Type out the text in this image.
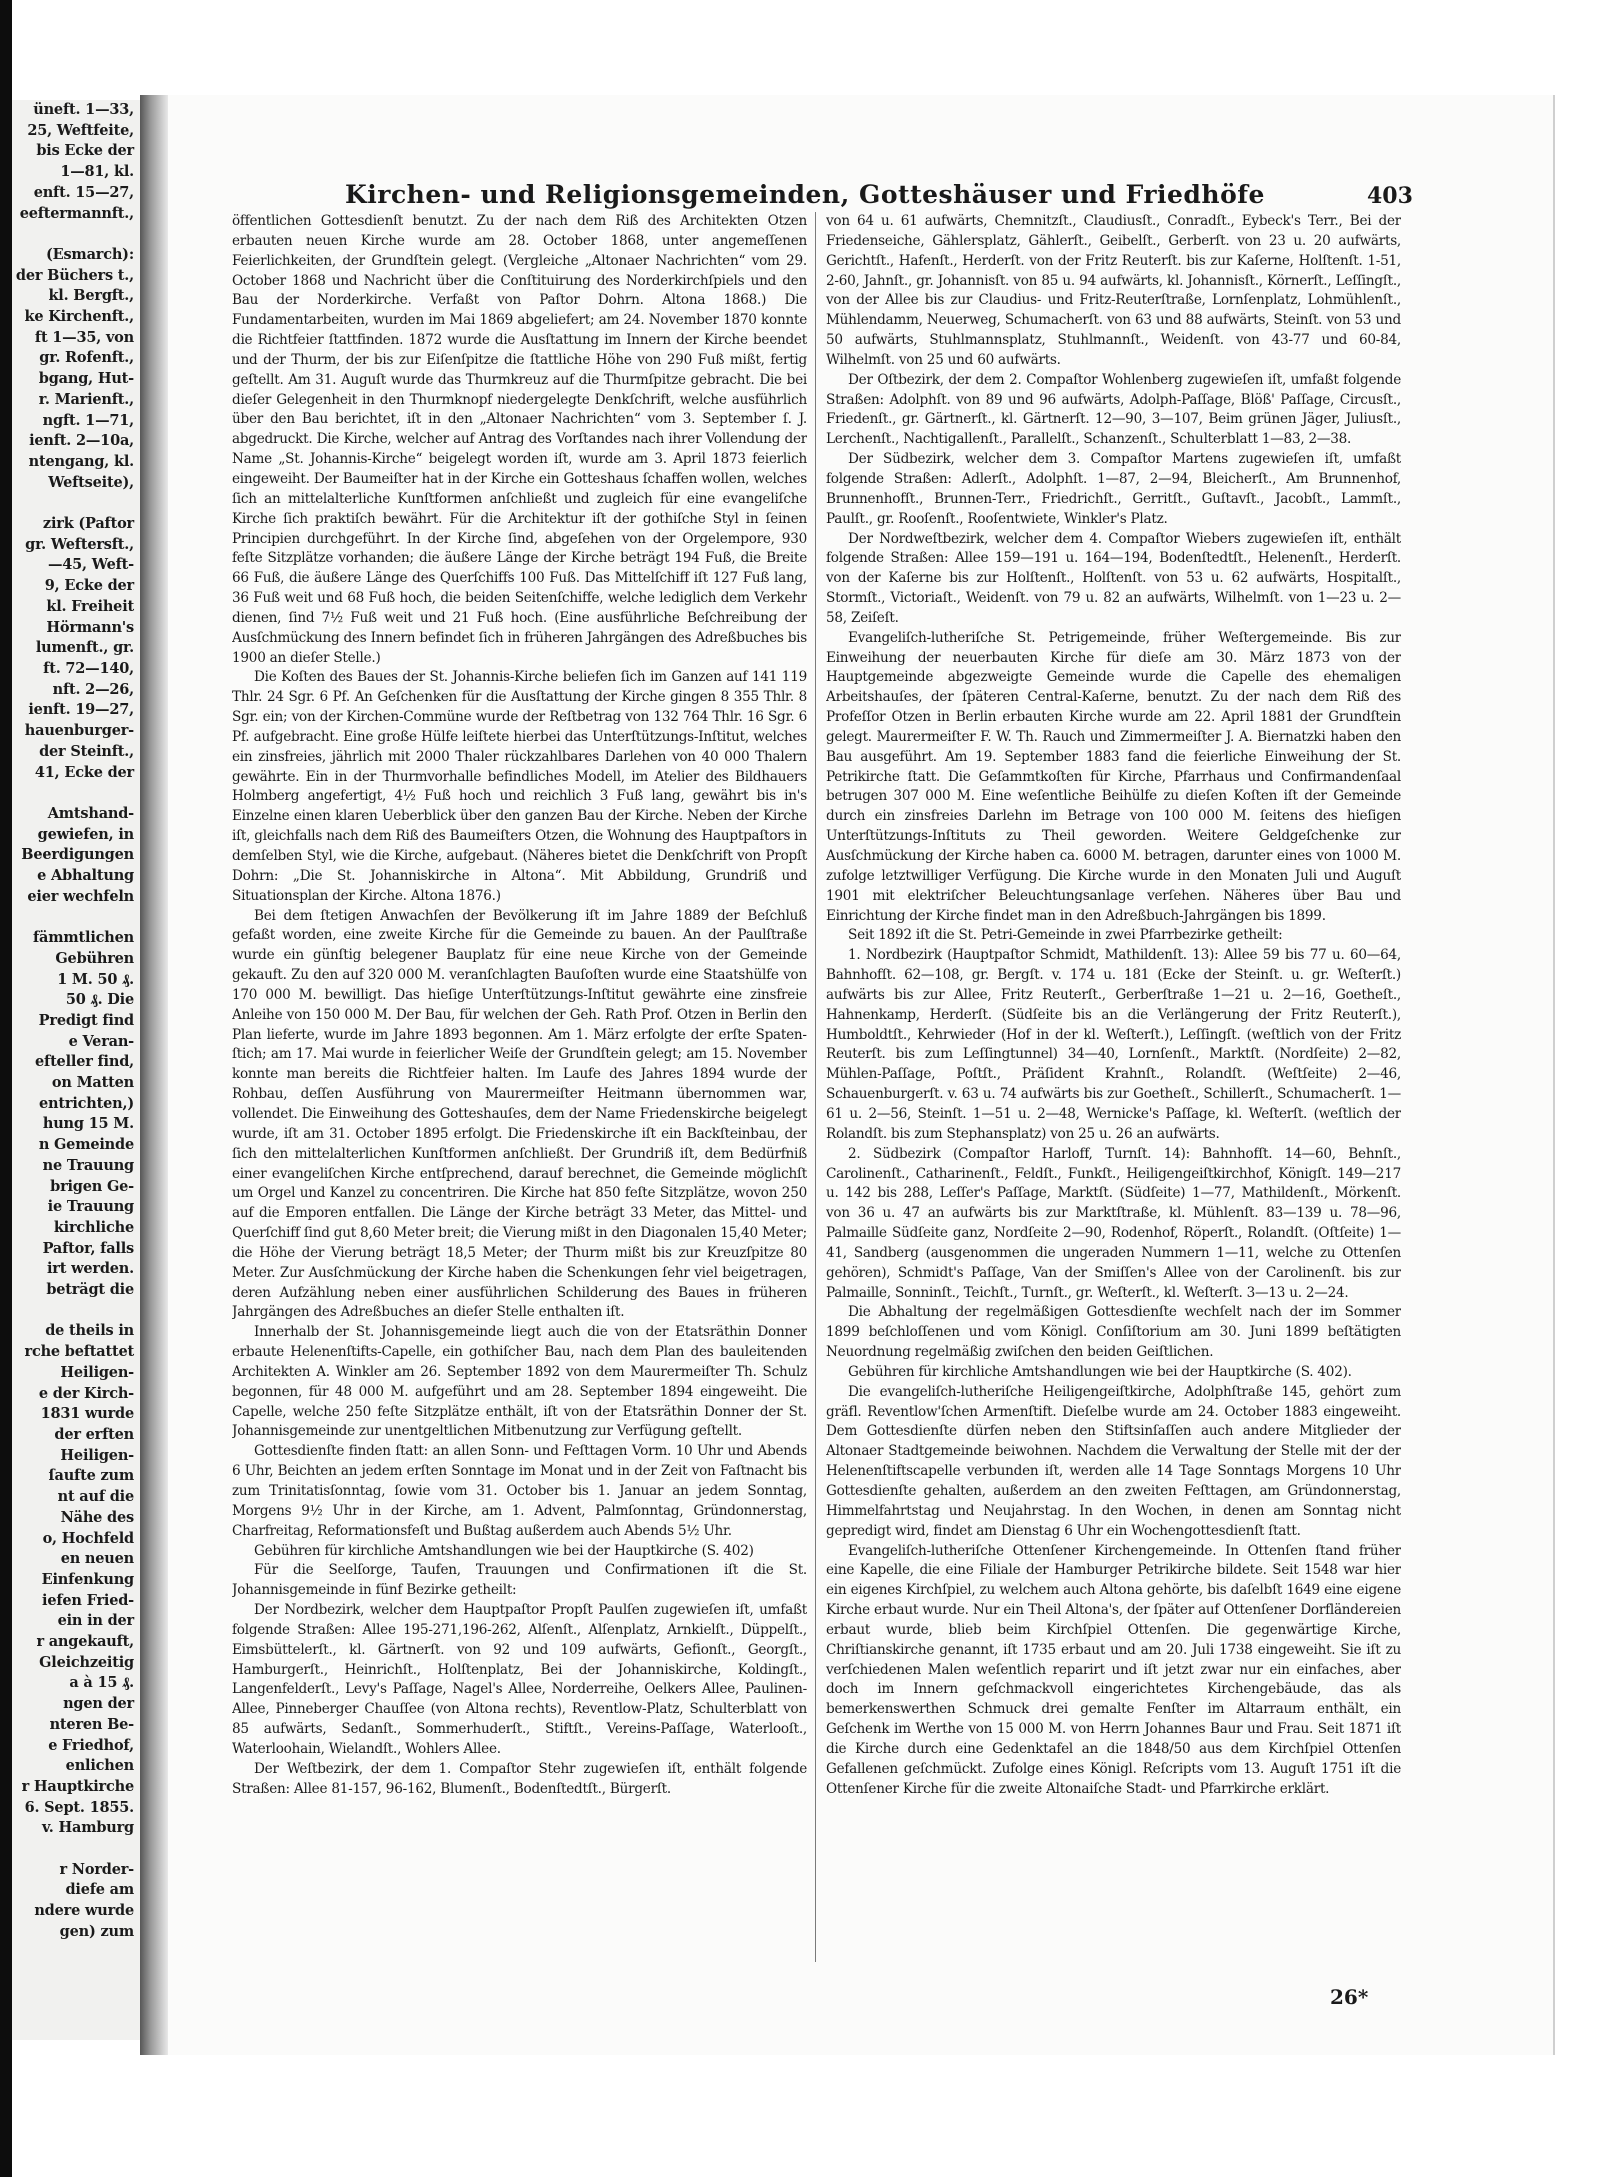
üneft. 1—33,
25, Weftfeite,
bis Ecke der
1—81, kl.
enft. 15—27,
eeftermannft.,

(Esmarch):
der Büchers t.,
kl. Bergft.,
ke Kirchenft.,
ft 1—35, von
gr. Rofenft.,
bgang, Hut-
r. Marienft.,
ngft. 1—71,
ienft. 2—10a,
ntengang, kl.
Weftseite),

zirk (Paftor
gr. Weftersft.,
—45, Weft-
9, Ecke der
kl. Freiheit
Hörmann's
lumenft., gr.
ft. 72—140,
nft. 2—26,
ienft. 19—27,
hauenburger-
der Steinft.,
41, Ecke der

Amtshand-
gewiefen, in
Beerdigungen
e Abhaltung
eier wechfeln

fämmtlichen
Gebühren
1 M. 50 ₰.
50 ₰. Die
Predigt find
e Veran-
efteller find,
on Matten
entrichten,)
hung 15 M.
n Gemeinde
ne Trauung
brigen Ge-
ie Trauung
kirchliche
Paftor, falls
irt werden.
beträgt die

de theils in
rche beftattet
Heiligen-
e der Kirch-
1831 wurde
der erften
Heiligen-
ſaufte zum
nt auf die
Nähe des
o, Hochfeld
en neuen
Einfenkung
iefen Fried-
ein in der
r angekauft,
Gleichzeitig
a à 15 ₰.
ngen der
nteren Be-
e Friedhof,
enlichen
r Hauptkirche
6. Sept. 1855.
v. Hamburg

r Norder-
diefe am
ndere wurde
gen) zum
Kirchen- und Religionsgemeinden, Gotteshäuser und Friedhöfe	403

öffentlichen Gottesdienſt benutzt. Zu der nach dem Riß des Architekten Otzen erbauten neuen Kirche wurde am 28. October 1868, unter angemeſſenen Feierlichkeiten, der Grundſtein gelegt. (Vergleiche „Altonaer Nachrichten“ vom 29. October 1868 und Nachricht über die Conſtituirung des Norderkirchſpiels und den Bau der Norderkirche. Verfaßt von Paſtor Dohrn. Altona 1868.) Die Fundamentarbeiten, wurden im Mai 1869 abgeliefert; am 24. November 1870 konnte die Richtfeier ſtattfinden. 1872 wurde die Ausſtattung im Innern der Kirche beendet und der Thurm, der bis zur Eiſenſpitze die ſtattliche Höhe von 290 Fuß mißt, fertig geſtellt. Am 31. Auguſt wurde das Thurmkreuz auf die Thurmſpitze gebracht. Die bei dieſer Gelegenheit in den Thurmknopf niedergelegte Denkſchrift, welche ausführlich über den Bau berichtet, iſt in den „Altonaer Nachrichten“ vom 3. September ſ. J. abgedruckt. Die Kirche, welcher auf Antrag des Vorſtandes nach ihrer Vollendung der Name „St. Johannis-Kirche“ beigelegt worden iſt, wurde am 3. April 1873 feierlich eingeweiht. Der Baumeiſter hat in der Kirche ein Gotteshaus ſchaffen wollen, welches ſich an mittelalterliche Kunſtformen anſchließt und zugleich für eine evangeliſche Kirche ſich praktiſch bewährt. Für die Architektur iſt der gothiſche Styl in ſeinen Principien durchgeführt. In der Kirche ſind, abgeſehen von der Orgelempore, 930 feſte Sitzplätze vorhanden; die äußere Länge der Kirche beträgt 194 Fuß, die Breite 66 Fuß, die äußere Länge des Querſchiffs 100 Fuß. Das Mittelſchiff iſt 127 Fuß lang, 36 Fuß weit und 68 Fuß hoch, die beiden Seitenſchiffe, welche lediglich dem Verkehr dienen, ſind 7½ Fuß weit und 21 Fuß hoch. (Eine ausführliche Beſchreibung der Ausſchmückung des Innern befindet ſich in früheren Jahrgängen des Adreßbuches bis 1900 an dieſer Stelle.)

Die Koſten des Baues der St. Johannis-Kirche beliefen ſich im Ganzen auf 141 119 Thlr. 24 Sgr. 6 Pf. An Geſchenken für die Ausſtattung der Kirche gingen 8 355 Thlr. 8 Sgr. ein; von der Kirchen-Commüne wurde der Reſtbetrag von 132 764 Thlr. 16 Sgr. 6 Pf. aufgebracht. Eine große Hülfe leiſtete hierbei das Unterſtützungs-Inſtitut, welches ein zinsfreies, jährlich mit 2000 Thaler rückzahlbares Darlehen von 40 000 Thalern gewährte. Ein in der Thurmvorhalle befindliches Modell, im Atelier des Bildhauers Holmberg angefertigt, 4½ Fuß hoch und reichlich 3 Fuß lang, gewährt bis in's Einzelne einen klaren Ueberblick über den ganzen Bau der Kirche. Neben der Kirche iſt, gleichfalls nach dem Riß des Baumeiſters Otzen, die Wohnung des Hauptpaſtors in demſelben Styl, wie die Kirche, aufgebaut. (Näheres bietet die Denkſchrift von Propſt Dohrn: „Die St. Johanniskirche in Altona“. Mit Abbildung, Grundriß und Situationsplan der Kirche. Altona 1876.)

Bei dem ſtetigen Anwachſen der Bevölkerung iſt im Jahre 1889 der Beſchluß gefaßt worden, eine zweite Kirche für die Gemeinde zu bauen. An der Paulſtraße wurde ein günſtig belegener Bauplatz für eine neue Kirche von der Gemeinde gekauft. Zu den auf 320 000 M. veranſchlagten Bauſoſten wurde eine Staatshülfe von 170 000 M. bewilligt. Das hieſige Unterſtützungs-Inſtitut gewährte eine zinsfreie Anleihe von 150 000 M. Der Bau, für welchen der Geh. Rath Prof. Otzen in Berlin den Plan lieferte, wurde im Jahre 1893 begonnen. Am 1. März erfolgte der erſte Spatenſtich; am 17. Mai wurde in feierlicher Weiſe der Grundſtein gelegt; am 15. November konnte man bereits die Richtfeier halten. Im Laufe des Jahres 1894 wurde der Rohbau, deſſen Ausführung von Maurermeiſter Heitmann übernommen war, vollendet. Die Einweihung des Gotteshauſes, dem der Name Friedenskirche beigelegt wurde, iſt am 31. October 1895 erfolgt. Die Friedenskirche iſt ein Backſteinbau, der ſich den mittelalterlichen Kunſtformen anſchließt. Der Grundriß iſt, dem Bedürfniß einer evangeliſchen Kirche entſprechend, darauf berechnet, die Gemeinde möglichſt um Orgel und Kanzel zu concentriren. Die Kirche hat 850 feſte Sitzplätze, wovon 250 auf die Emporen entfallen. Die Länge der Kirche beträgt 33 Meter, das Mittel- und Querſchiff ſind gut 8,60 Meter breit; die Vierung mißt in den Diagonalen 15,40 Meter; die Höhe der Vierung beträgt 18,5 Meter; der Thurm mißt bis zur Kreuzſpitze 80 Meter. Zur Ausſchmückung der Kirche haben die Schenkungen ſehr viel beigetragen, deren Aufzählung neben einer ausführlichen Schilderung des Baues in früheren Jahrgängen des Adreßbuches an dieſer Stelle enthalten iſt.

Innerhalb der St. Johannisgemeinde liegt auch die von der Etatsräthin Donner erbaute Helenenſtifts-Capelle, ein gothiſcher Bau, nach dem Plan des bauleitenden Architekten A. Winkler am 26. September 1892 von dem Maurermeiſter Th. Schulz begonnen, für 48 000 M. aufgeführt und am 28. September 1894 eingeweiht. Die Capelle, welche 250 feſte Sitzplätze enthält, iſt von der Etatsräthin Donner der St. Johannisgemeinde zur unentgeltlichen Mitbenutzung zur Verfügung geſtellt.

Gottesdienſte finden ſtatt: an allen Sonn- und Feſttagen Vorm. 10 Uhr und Abends 6 Uhr, Beichten an jedem erſten Sonntage im Monat und in der Zeit von Faſtnacht bis zum Trinitatisſonntag, ſowie vom 31. October bis 1. Januar an jedem Sonntag, Morgens 9½ Uhr in der Kirche, am 1. Advent, Palmſonntag, Gründonnerstag, Charfreitag, Reformationsfeſt und Bußtag außerdem auch Abends 5½ Uhr.

Gebühren für kirchliche Amtshandlungen wie bei der Hauptkirche (S. 402)

Für die Seelſorge, Taufen, Trauungen und Confirmationen iſt die St. Johannisgemeinde in fünf Bezirke getheilt:

Der Nordbezirk, welcher dem Hauptpaſtor Propſt Paulſen zugewieſen iſt, umfaßt folgende Straßen: Allee 195-271,196-262, Alſenſt., Alſenplatz, Arnkielſt., Düppelſt., Eimsbüttelerſt., kl. Gärtnerſt. von 92 und 109 aufwärts, Gefionſt., Georgſt., Hamburgerſt., Heinrichſt., Holſtenplatz, Bei der Johanniskirche, Koldingſt., Langenfelderſt., Levy's Paſſage, Nagel's Allee, Norderreihe, Oelkers Allee, Paulinen-Allee, Pinneberger Chauſſee (von Altona rechts), Reventlow-Platz, Schulterblatt von 85 aufwärts, Sedanſt., Sommerhuderſt., Stiftſt., Vereins-Paſſage, Waterlooſt., Waterloohain, Wielandſt., Wohlers Allee.

Der Weſtbezirk, der dem 1. Compaſtor Stehr zugewieſen iſt, enthält folgende Straßen: Allee 81-157, 96-162, Blumenſt., Bodenſtedtſt., Bürgerſt.

von 64 u. 61 aufwärts, Chemnitzſt., Claudiusſt., Conradſt., Eybeck's Terr., Bei der Friedenseiche, Gählersplatz, Gählerſt., Geibelſt., Gerberſt. von 23 u. 20 aufwärts, Gerichtſt., Hafenſt., Herderſt. von der Fritz Reuterſt. bis zur Kaſerne, Holſtenſt. 1-51, 2-60, Jahnſt., gr. Johannisſt. von 85 u. 94 aufwärts, kl. Johannisſt., Körnerſt., Leſſingſt., von der Allee bis zur Claudius- und Fritz-Reuterſtraße, Lornſenplatz, Lohmühlenſt., Mühlendamm, Neuerweg, Schumacherſt. von 63 und 88 aufwärts, Steinſt. von 53 und 50 aufwärts, Stuhlmannsplatz, Stuhlmannſt., Weidenſt. von 43-77 und 60-84, Wilhelmſt. von 25 und 60 aufwärts.

Der Oſtbezirk, der dem 2. Compaſtor Wohlenberg zugewieſen iſt, umfaßt folgende Straßen: Adolphſt. von 89 und 96 aufwärts, Adolph-Paſſage, Blöß' Paſſage, Circusſt., Friedenſt., gr. Gärtnerſt., kl. Gärtnerſt. 12—90, 3—107, Beim grünen Jäger, Juliusſt., Lerchenſt., Nachtigallenſt., Parallelſt., Schanzenſt., Schulterblatt 1—83, 2—38.

Der Südbezirk, welcher dem 3. Compaſtor Martens zugewieſen iſt, umfaßt folgende Straßen: Adlerſt., Adolphſt. 1—87, 2—94, Bleicherſt., Am Brunnenhof, Brunnenhofſt., Brunnen-Terr., Friedrichſt., Gerritſt., Guſtavſt., Jacobſt., Lammſt., Paulſt., gr. Rooſenſt., Rooſentwiete, Winkler's Platz.

Der Nordweſtbezirk, welcher dem 4. Compaſtor Wiebers zugewieſen iſt, enthält folgende Straßen: Allee 159—191 u. 164—194, Bodenſtedtſt., Helenenſt., Herderſt. von der Kaſerne bis zur Holſtenſt., Holſtenſt. von 53 u. 62 aufwärts, Hospitalſt., Stormſt., Victoriaſt., Weidenſt. von 79 u. 82 an aufwärts, Wilhelmſt. von 1—23 u. 2—58, Zeiſeſt.

Evangeliſch-lutheriſche St. Petrigemeinde, früher Weſtergemeinde. Bis zur Einweihung der neuerbauten Kirche für dieſe am 30. März 1873 von der Hauptgemeinde abgezweigte Gemeinde wurde die Capelle des ehemaligen Arbeitshauſes, der ſpäteren Central-Kaſerne, benutzt. Zu der nach dem Riß des Profeſſor Otzen in Berlin erbauten Kirche wurde am 22. April 1881 der Grundſtein gelegt. Maurermeiſter F. W. Th. Rauch und Zimmermeiſter J. A. Biernatzki haben den Bau ausgeführt. Am 19. September 1883 fand die feierliche Einweihung der St. Petrikirche ſtatt. Die Geſammtkoſten für Kirche, Pfarrhaus und Confirmandenſaal betrugen 307 000 M. Eine weſentliche Beihülfe zu dieſen Koſten iſt der Gemeinde durch ein zinsfreies Darlehn im Betrage von 100 000 M. ſeitens des hieſigen Unterſtützungs-Inſtituts zu Theil geworden. Weitere Geldgeſchenke zur Ausſchmückung der Kirche haben ca. 6000 M. betragen, darunter eines von 1000 M. zufolge letztwilliger Verfügung. Die Kirche wurde in den Monaten Juli und Auguſt 1901 mit elektriſcher Beleuchtungsanlage verſehen. Näheres über Bau und Einrichtung der Kirche findet man in den Adreßbuch-Jahrgängen bis 1899.

Seit 1892 iſt die St. Petri-Gemeinde in zwei Pfarrbezirke getheilt:

1. Nordbezirk (Hauptpaſtor Schmidt, Mathildenſt. 13): Allee 59 bis 77 u. 60—64, Bahnhofſt. 62—108, gr. Bergſt. v. 174 u. 181 (Ecke der Steinſt. u. gr. Weſterſt.) aufwärts bis zur Allee, Fritz Reuterſt., Gerberſtraße 1—21 u. 2—16, Goetheſt., Hahnenkamp, Herderſt. (Südſeite bis an die Verlängerung der Fritz Reuterſt.), Humboldtſt., Kehrwieder (Hof in der kl. Weſterſt.), Leſſingſt. (weſtlich von der Fritz Reuterſt. bis zum Leſſingtunnel) 34—40, Lornſenſt., Marktſt. (Nordſeite) 2—82, Mühlen-Paſſage, Poſtſt., Präſident Krahnſt., Rolandſt. (Weſtſeite) 2—46, Schauenburgerſt. v. 63 u. 74 aufwärts bis zur Goetheſt., Schillerſt., Schumacherſt. 1—61 u. 2—56, Steinſt. 1—51 u. 2—48, Wernicke's Paſſage, kl. Weſterſt. (weſtlich der Rolandſt. bis zum Stephansplatz) von 25 u. 26 an aufwärts.

2. Südbezirk (Compaſtor Harloff, Turnſt. 14): Bahnhofſt. 14—60, Behnſt., Carolinenſt., Catharinenſt., Feldſt., Funkſt., Heiligengeiſtkirchhof, Königſt. 149—217 u. 142 bis 288, Leſſer's Paſſage, Marktſt. (Südſeite) 1—77, Mathildenſt., Mörkenſt. von 36 u. 47 an aufwärts bis zur Marktſtraße, kl. Mühlenſt. 83—139 u. 78—96, Palmaille Südſeite ganz, Nordſeite 2—90, Rodenhof, Röperſt., Rolandſt. (Oſtſeite) 1—41, Sandberg (ausgenommen die ungeraden Nummern 1—11, welche zu Ottenſen gehören), Schmidt's Paſſage, Van der Smiſſen's Allee von der Carolinenſt. bis zur Palmaille, Sonninſt., Teichſt., Turnſt., gr. Weſterſt., kl. Weſterſt. 3—13 u. 2—24.

Die Abhaltung der regelmäßigen Gottesdienſte wechſelt nach der im Sommer 1899 beſchloſſenen und vom Königl. Conſiſtorium am 30. Juni 1899 beſtätigten Neuordnung regelmäßig zwiſchen den beiden Geiſtlichen.

Gebühren für kirchliche Amtshandlungen wie bei der Hauptkirche (S. 402).

Die evangeliſch-lutheriſche Heiligengeiſtkirche, Adolphſtraße 145, gehört zum gräfl. Reventlow'ſchen Armenſtift. Dieſelbe wurde am 24. October 1883 eingeweiht. Dem Gottesdienſte dürfen neben den Stiftsinſaſſen auch andere Mitglieder der Altonaer Stadtgemeinde beiwohnen. Nachdem die Verwaltung der Stelle mit der der Helenenſtiftscapelle verbunden iſt, werden alle 14 Tage Sonntags Morgens 10 Uhr Gottesdienſte gehalten, außerdem an den zweiten Feſttagen, am Gründonnerstag, Himmelfahrtstag und Neujahrstag. In den Wochen, in denen am Sonntag nicht gepredigt wird, findet am Dienstag 6 Uhr ein Wochengottesdienſt ſtatt.

Evangeliſch-lutheriſche Ottenſener Kirchengemeinde. In Ottenſen ſtand früher eine Kapelle, die eine Filiale der Hamburger Petrikirche bildete. Seit 1548 war hier ein eigenes Kirchſpiel, zu welchem auch Altona gehörte, bis daſelbſt 1649 eine eigene Kirche erbaut wurde. Nur ein Theil Altona's, der ſpäter auf Ottenſener Dorfländereien erbaut wurde, blieb beim Kirchſpiel Ottenſen. Die gegenwärtige Kirche, Chriſtianskirche genannt, iſt 1735 erbaut und am 20. Juli 1738 eingeweiht. Sie iſt zu verſchiedenen Malen weſentlich reparirt und iſt jetzt zwar nur ein einfaches, aber doch im Innern geſchmackvoll eingerichtetes Kirchengebäude, das als bemerkenswerthen Schmuck drei gemalte Fenſter im Altarraum enthält, ein Geſchenk im Werthe von 15 000 M. von Herrn Johannes Baur und Frau. Seit 1871 iſt die Kirche durch eine Gedenktafel an die 1848/50 aus dem Kirchſpiel Ottenſen Gefallenen geſchmückt. Zufolge eines Königl. Reſcripts vom 13. Auguſt 1751 iſt die Ottenſener Kirche für die zweite Altonaiſche Stadt- und Pfarrkirche erklärt.

26*
